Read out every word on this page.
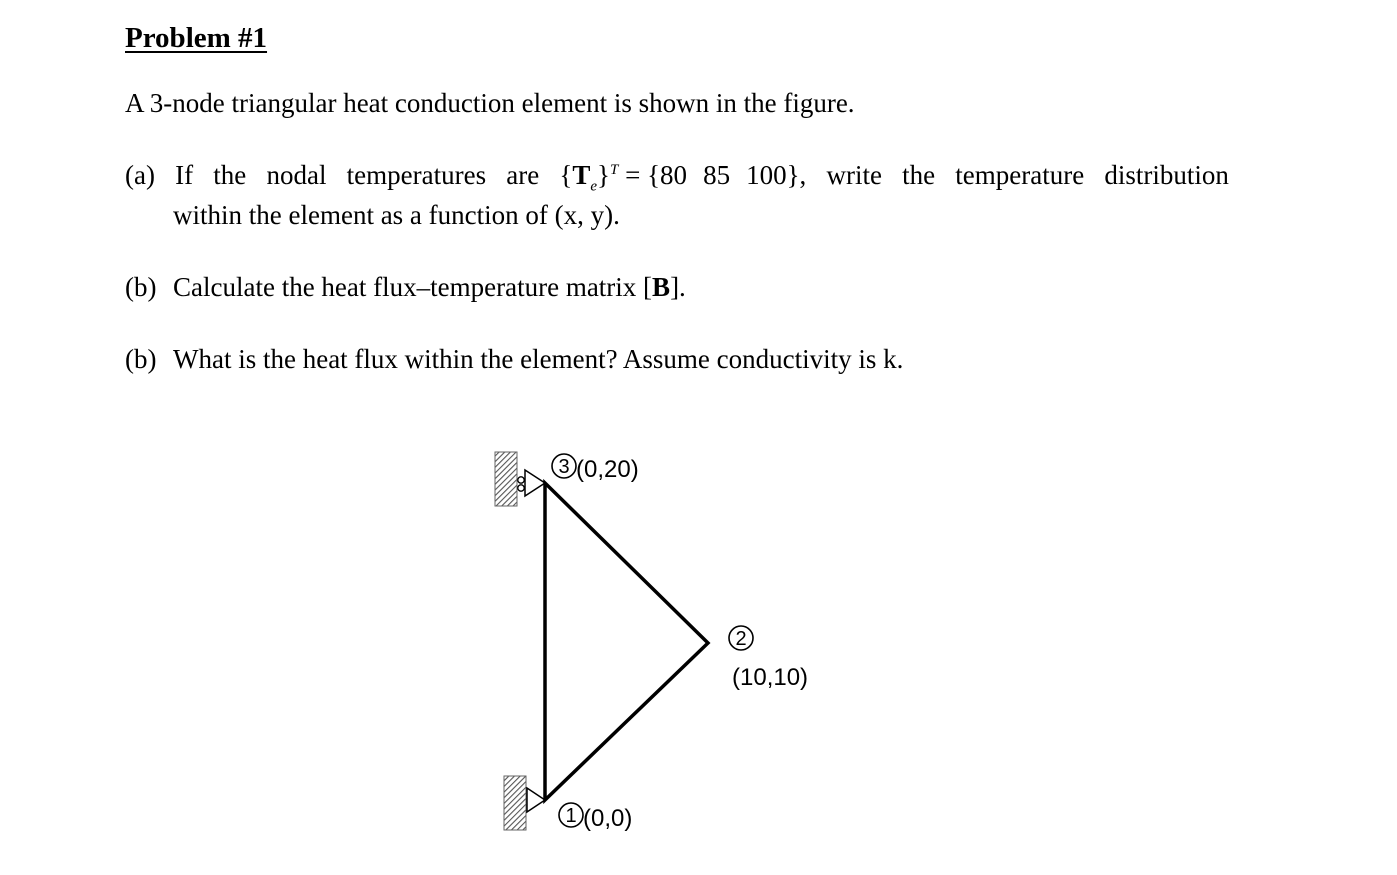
Problem #1
A 3-node triangular heat conduction element is shown in the figure.
(a) If the nodal temperatures are $\{T_e\}^T = \{80$ 85 100}, write the temperature distribution
within the element as a function of (x, y).
(b) Calculate the heat flux–temperature matrix [B].
(b) What is the heat flux within the element? Assume conductivity is k.
3 (0,20)
2
(10,10)
1 (0,0)
